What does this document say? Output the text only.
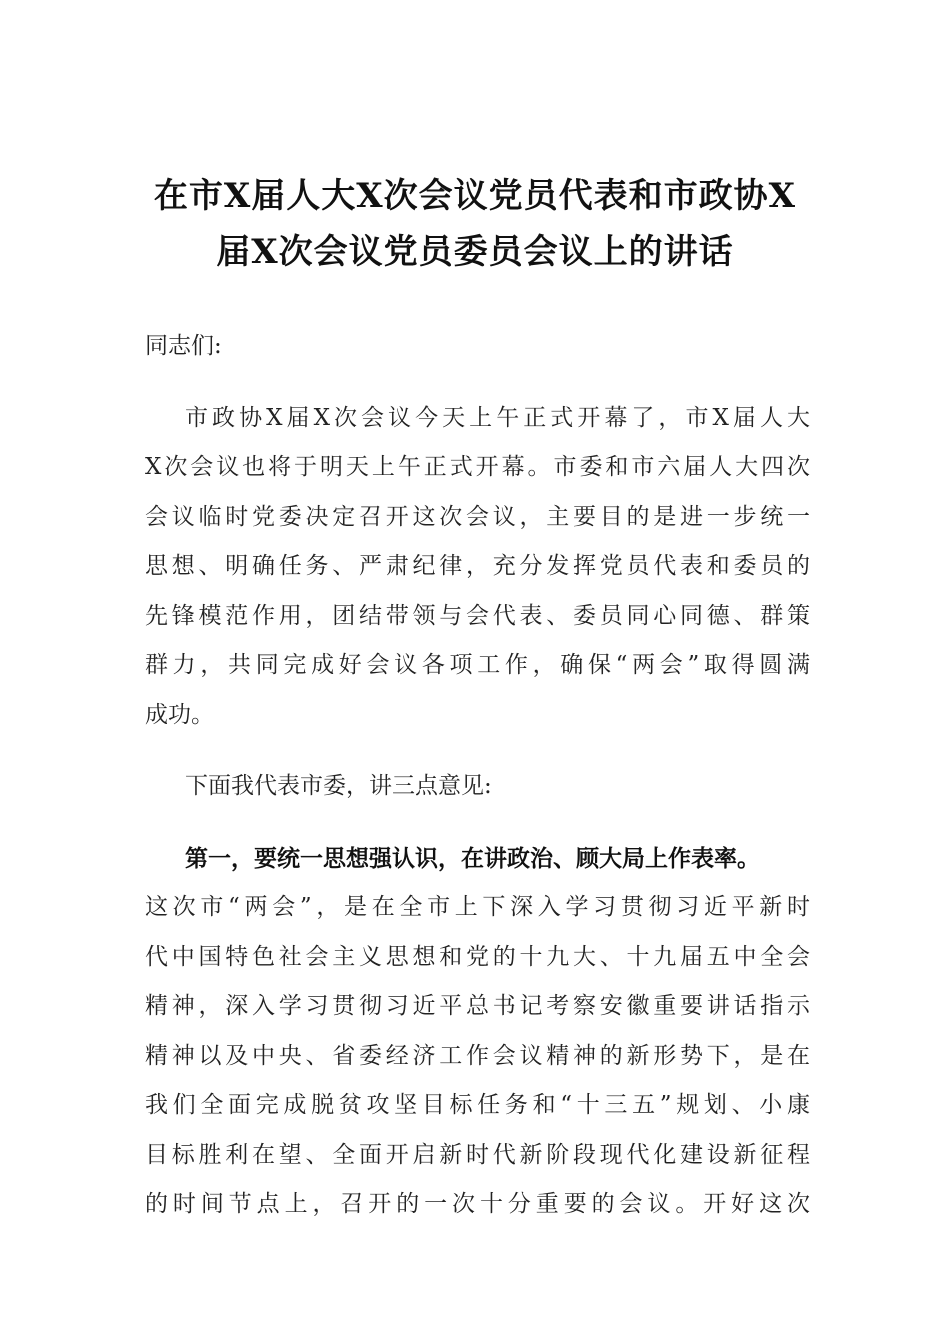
在市Ⅹ届人大Ⅹ次会议党员代表和市政协Ⅹ
届Ⅹ次会议党员委员会议上的讲话
同志们:
市政协Ⅹ届Ⅹ次会议今天上午正式开幕了，市Ⅹ届人大
Ⅹ次会议也将于明天上午正式开幕。市委和市六届人大四次
会议临时党委决定召开这次会议，主要目的是进一步统一
思想、明确任务、严肃纪律，充分发挥党员代表和委员的
先锋模范作用，团结带领与会代表、委员同心同德、群策
群力，共同完成好会议各项工作，确保“两会”取得圆满
成功。
下面我代表市委，讲三点意见:
第一，要统一思想强认识，在讲政治、顾大局上作表率。
这次市“两会”，是在全市上下深入学习贯彻习近平新时
代中国特色社会主义思想和党的十九大、十九届五中全会
精神，深入学习贯彻习近平总书记考察安徽重要讲话指示
精神以及中央、省委经济工作会议精神的新形势下，是在
我们全面完成脱贫攻坚目标任务和“十三五”规划、小康
目标胜利在望、全面开启新时代新阶段现代化建设新征程
的时间节点上，召开的一次十分重要的会议。开好这次
